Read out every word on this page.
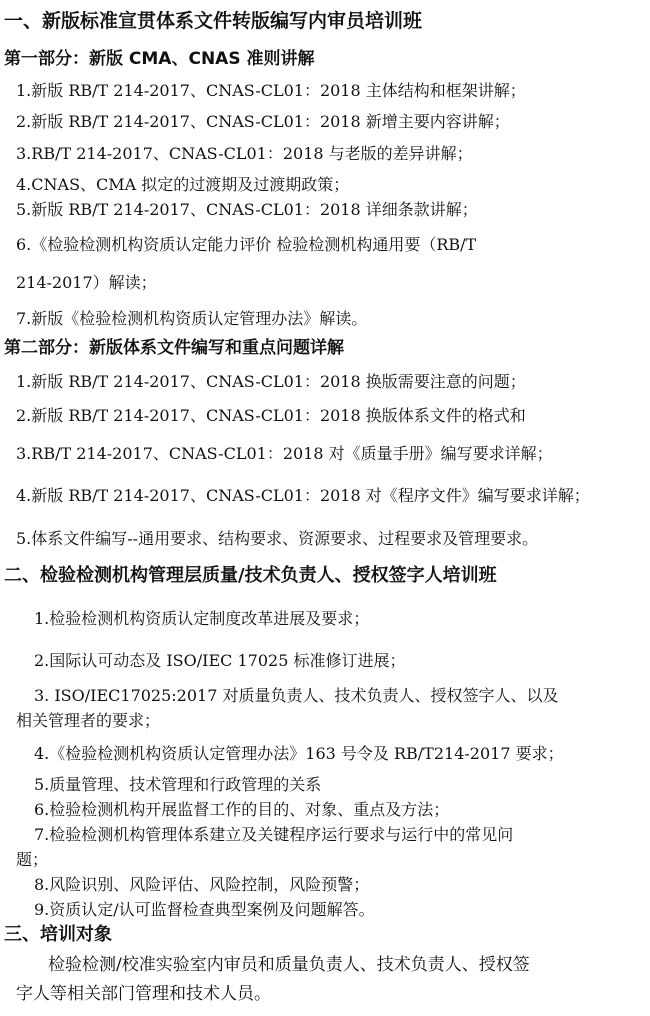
一、新版标准宣贯体系文件转版编写内审员培训班
第一部分：新版 CMA、CNAS 准则讲解
1.新版 RB/T 214-2017、CNAS-CL01：2018 主体结构和框架讲解；
2.新版 RB/T 214-2017、CNAS-CL01：2018 新增主要内容讲解；
3.RB/T 214-2017、CNAS-CL01：2018 与老版的差异讲解；
4.CNAS、CMA 拟定的过渡期及过渡期政策；
5.新版 RB/T 214-2017、CNAS-CL01：2018 详细条款讲解；
6.《检验检测机构资质认定能力评价 检验检测机构通用要（RB/T
214-2017）解读；
7.新版《检验检测机构资质认定管理办法》解读。
第二部分：新版体系文件编写和重点问题详解
1.新版 RB/T 214-2017、CNAS-CL01：2018 换版需要注意的问题；
2.新版 RB/T 214-2017、CNAS-CL01：2018 换版体系文件的格式和
3.RB/T 214-2017、CNAS-CL01：2018 对《质量手册》编写要求详解；
4.新版 RB/T 214-2017、CNAS-CL01：2018 对《程序文件》编写要求详解；
5.体系文件编写--通用要求、结构要求、资源要求、过程要求及管理要求。
二、检验检测机构管理层质量/技术负责人、授权签字人培训班
1.检验检测机构资质认定制度改革进展及要求；
2.国际认可动态及 ISO/IEC 17025 标准修订进展；
3. ISO/IEC17025:2017 对质量负责人、技术负责人、授权签字人、以及
相关管理者的要求；
4.《检验检测机构资质认定管理办法》163 号令及 RB/T214-2017 要求；
5.质量管理、技术管理和行政管理的关系
6.检验检测机构开展监督工作的目的、对象、重点及方法；
7.检验检测机构管理体系建立及关键程序运行要求与运行中的常见问
题；
8.风险识别、风险评估、风险控制，风险预警；
9.资质认定/认可监督检查典型案例及问题解答。
三、培训对象
检验检测/校准实验室内审员和质量负责人、技术负责人、授权签
字人等相关部门管理和技术人员。
